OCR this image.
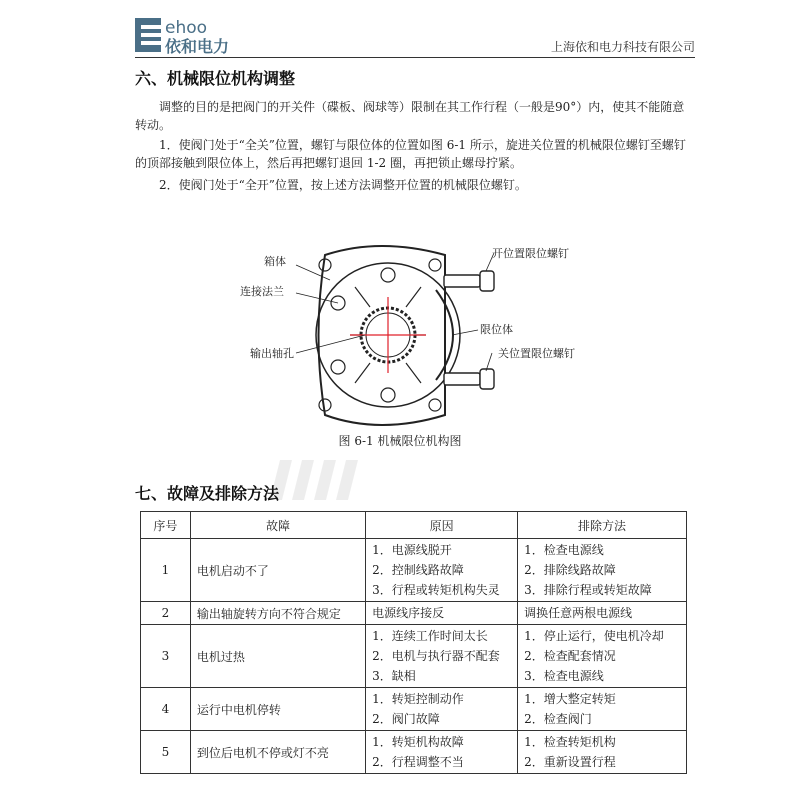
ehoo
依和电力	上海依和电力科技有限公司
六、机械限位机构调整
调整的目的是把阀门的开关件（碟板、阀球等）限制在其工作行程（一般是90°）内，使其不能随意转动。
1．使阀门处于“全关”位置，螺钉与限位体的位置如图 6-1 所示，旋进关位置的机械限位螺钉至螺钉的顶部接触到限位体上，然后再把螺钉退回 1-2 圈，再把锁止螺母拧紧。
2．使阀门处于“全开”位置，按上述方法调整开位置的机械限位螺钉。
箱体
连接法兰
输出轴孔
开位置限位螺钉
限位体
关位置限位螺钉
图 6-1 机械限位机构图
七、故障及排除方法
序号	故障	原因	排除方法
1	电机启动不了	1．电源线脱开
2．控制线路故障
3．行程或转矩机构失灵	1．检查电源线
2．排除线路故障
3．排除行程或转矩故障

2	输出轴旋转方向不符合规定	电源线序接反	调换任意两根电源线

3	电机过热	1．连续工作时间太长
2．电机与执行器不配套
3．缺相	1．停止运行，使电机冷却
2．检查配套情况
3．检查电源线

4	运行中电机停转	1．转矩控制动作
2．阀门故障	1．增大整定转矩
2．检查阀门

5	到位后电机不停或灯不亮	1．转矩机构故障
2．行程调整不当	1．检查转矩机构
2．重新设置行程
